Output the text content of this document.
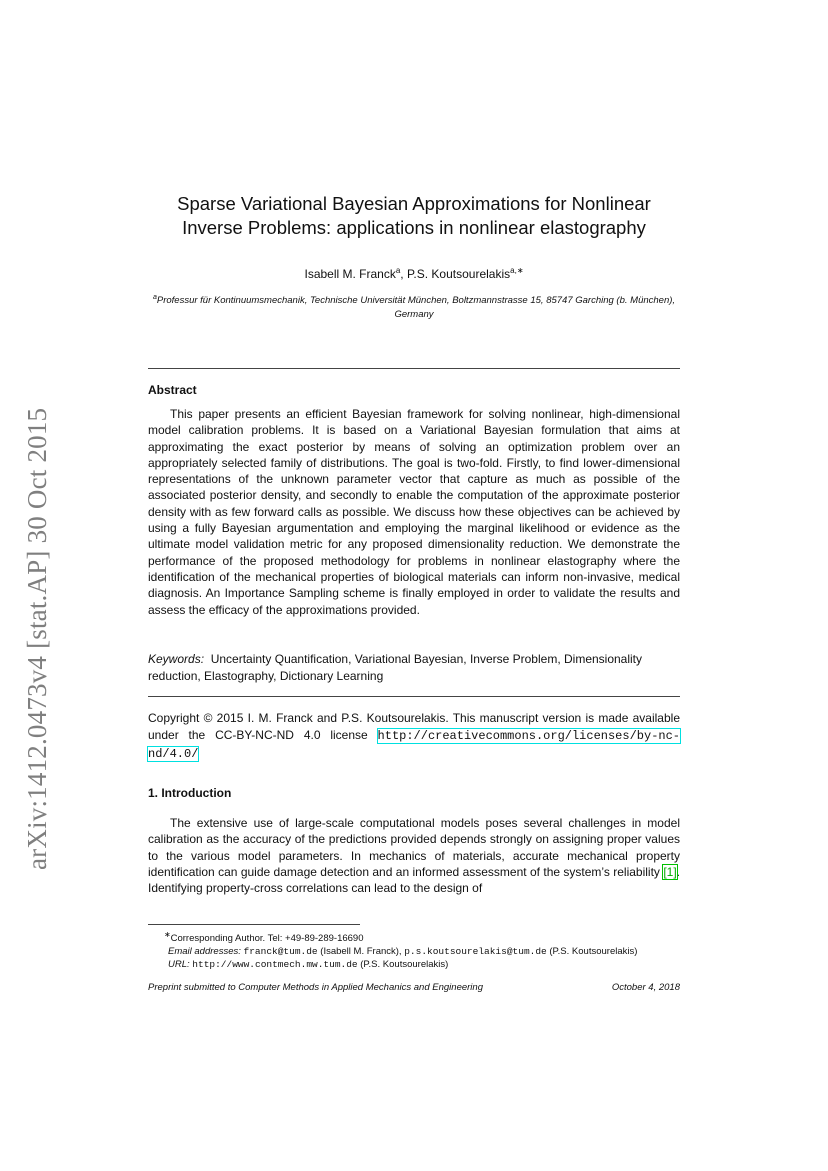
arXiv:1412.0473v4 [stat.AP] 30 Oct 2015
Sparse Variational Bayesian Approximations for Nonlinear
Inverse Problems: applications in nonlinear elastography
Isabell M. Franck$^a$, P.S. Koutsourelakis$^{a,∗}$
$^a$Professur für Kontinuumsmechanik, Technische Universität München, Boltzmannstrasse 15, 85747 Garching (b. München), Germany
Abstract
This paper presents an efficient Bayesian framework for solving nonlinear, high-dimensional model calibration problems. It is based on a Variational Bayesian formulation that aims at approximating the exact posterior by means of solving an optimization problem over an appropriately selected family of distributions. The goal is two-fold. Firstly, to find lower-dimensional representations of the unknown parameter vector that capture as much as possible of the associated posterior density, and secondly to enable the computation of the approximate posterior density with as few forward calls as possible. We discuss how these objectives can be achieved by using a fully Bayesian argumentation and employing the marginal likelihood or evidence as the ultimate model validation metric for any proposed dimensionality reduction. We demonstrate the performance of the proposed methodology for problems in nonlinear elastography where the identification of the mechanical properties of biological materials can inform non-invasive, medical diagnosis. An Importance Sampling scheme is finally employed in order to validate the results and assess the efficacy of the approximations provided.
Keywords: Uncertainty Quantification, Variational Bayesian, Inverse Problem, Dimensionality reduction, Elastography, Dictionary Learning
Copyright © 2015 I. M. Franck and P.S. Koutsourelakis. This manuscript version is made available under the CC-BY-NC-ND 4.0 license http://creativecommons.org/licenses/by-nc-nd/4.0/
1. Introduction
The extensive use of large-scale computational models poses several challenges in model calibration as the accuracy of the predictions provided depends strongly on assigning proper values to the various model parameters. In mechanics of materials, accurate mechanical property identification can guide damage detection and an informed assessment of the system’s reliability [1]. Identifying property-cross correlations can lead to the design of
∗Corresponding Author. Tel: +49-89-289-16690
Email addresses: franck@tum.de (Isabell M. Franck), p.s.koutsourelakis@tum.de (P.S. Koutsourelakis)
URL: http://www.contmech.mw.tum.de (P.S. Koutsourelakis)
Preprint submitted to Computer Methods in Applied Mechanics and Engineering	October 4, 2018
